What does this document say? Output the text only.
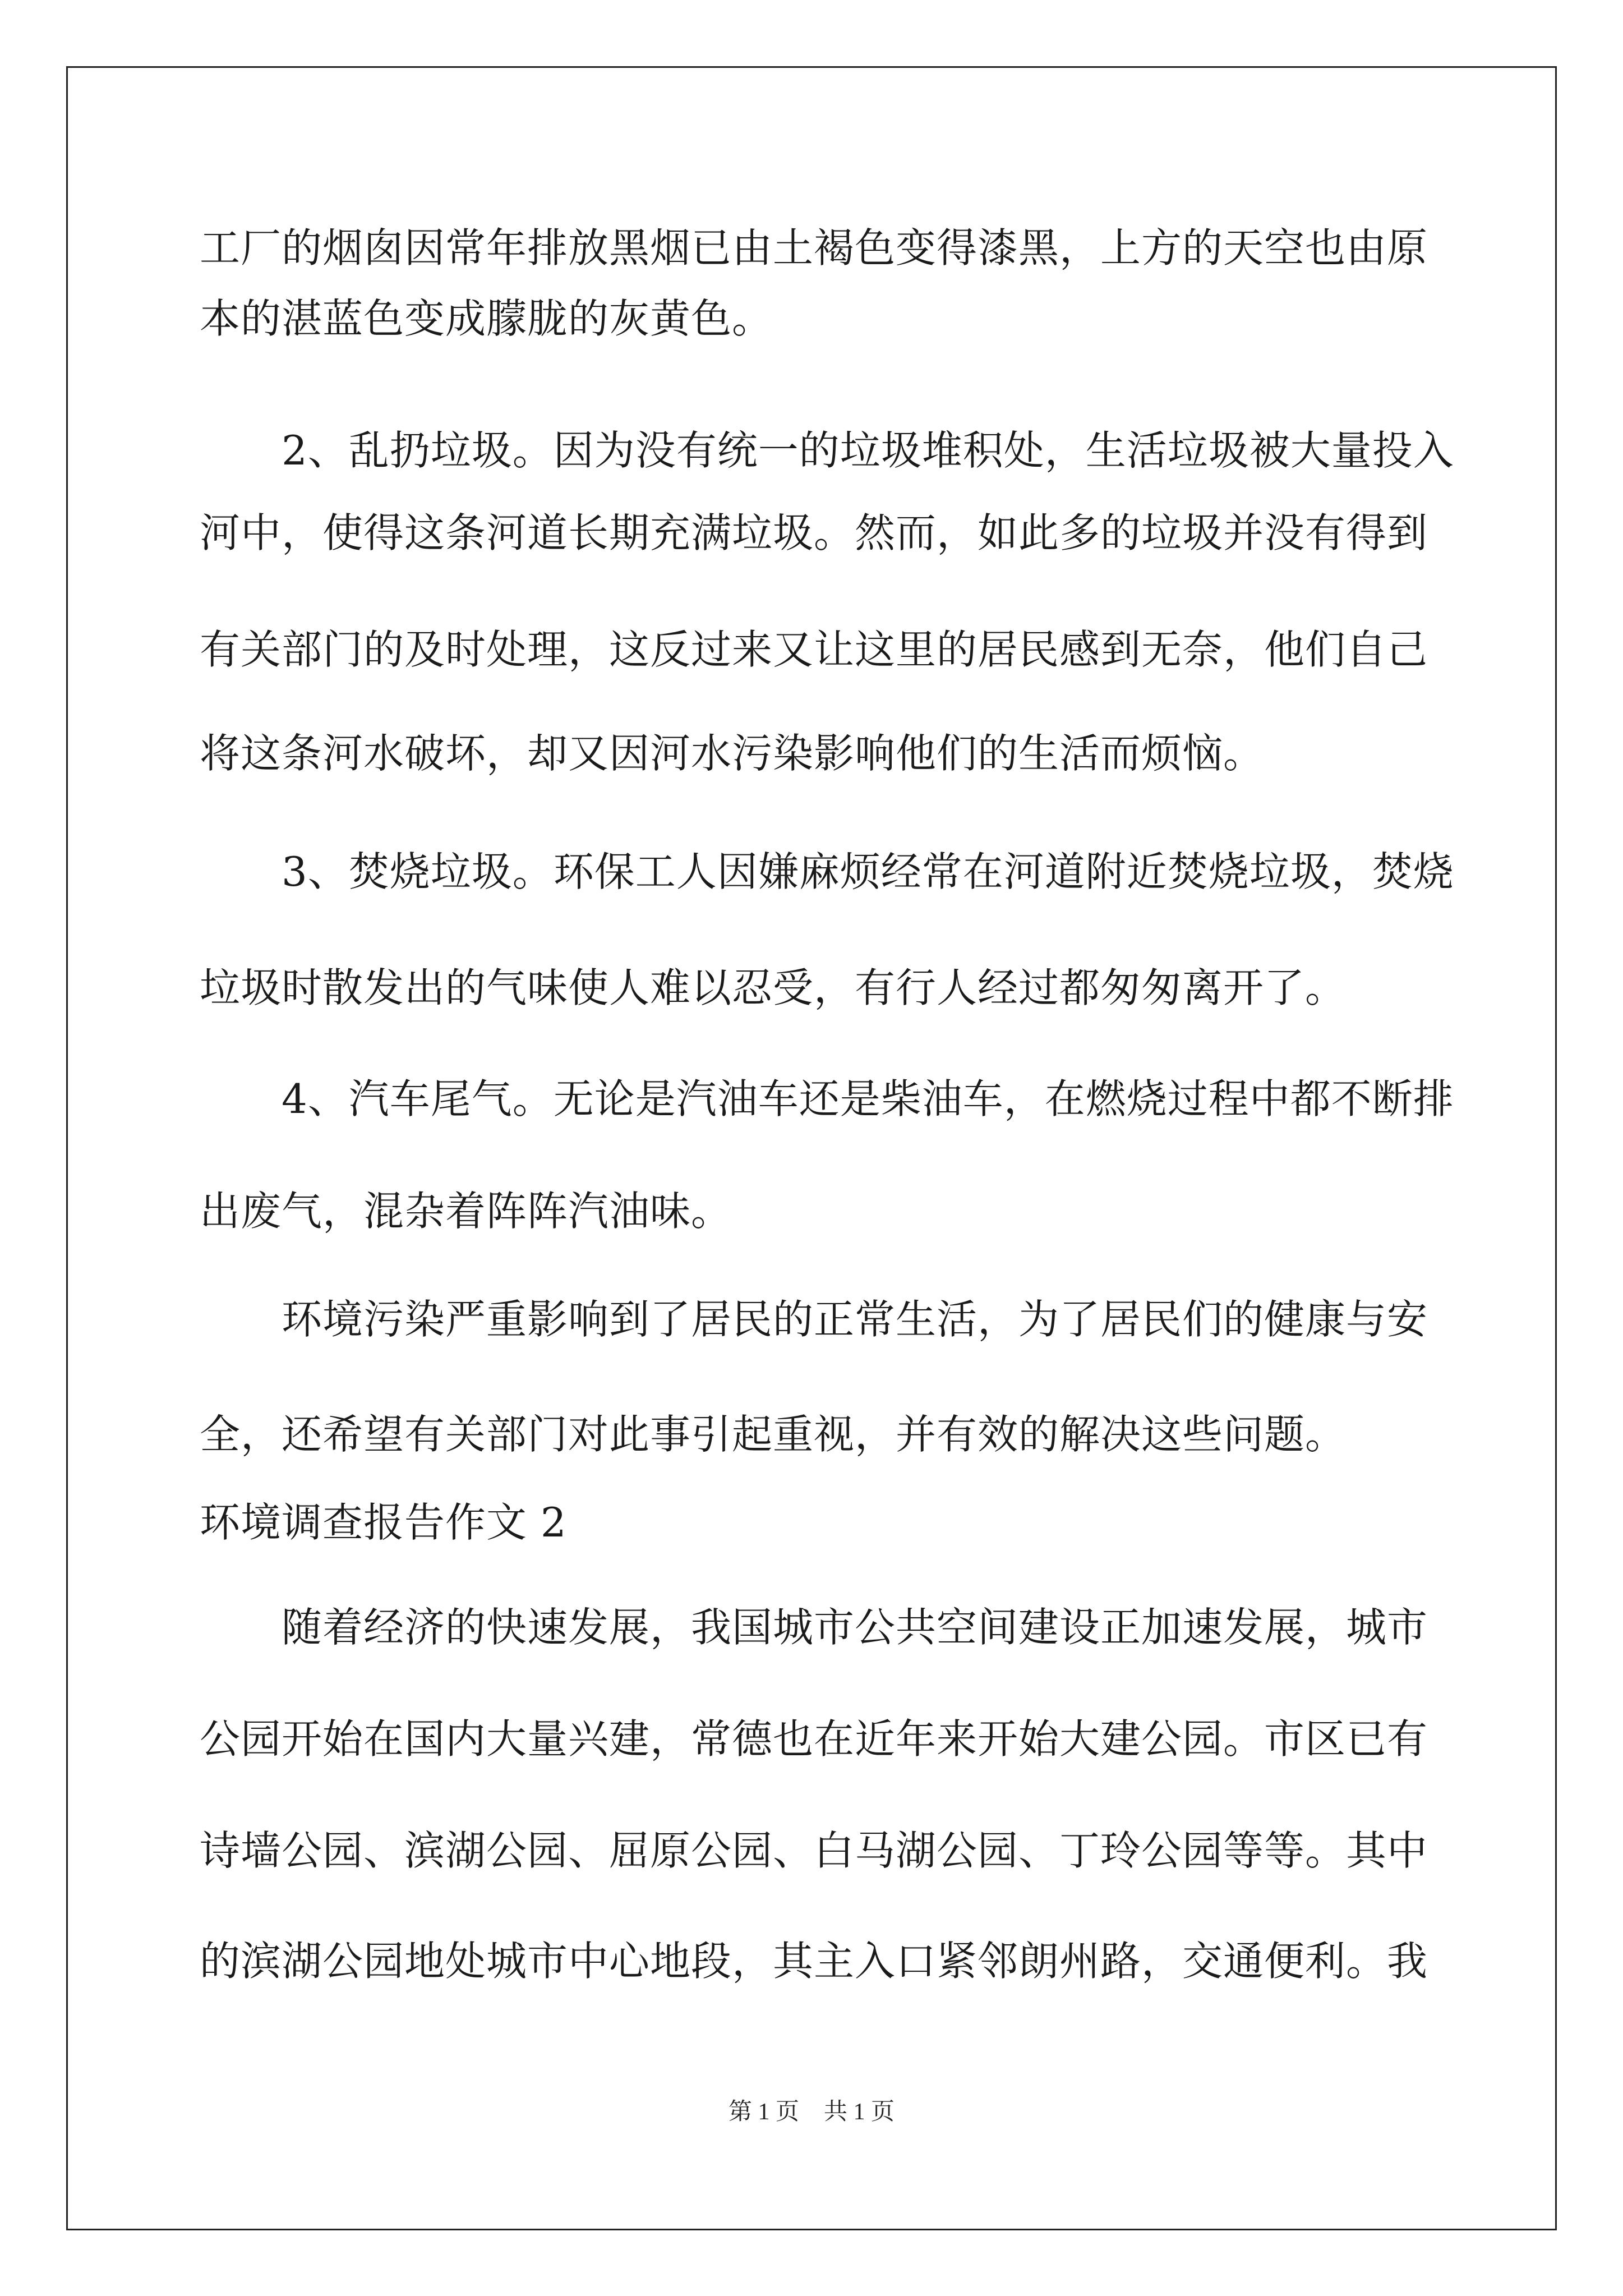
工厂的烟囱因常年排放黑烟已由土褐色变得漆黑，上方的天空也由原
本的湛蓝色变成朦胧的灰黄色。
　　2、乱扔垃圾。因为没有统一的垃圾堆积处，生活垃圾被大量投入
河中，使得这条河道长期充满垃圾。然而，如此多的垃圾并没有得到
有关部门的及时处理，这反过来又让这里的居民感到无奈，他们自己
将这条河水破坏，却又因河水污染影响他们的生活而烦恼。
　　3、焚烧垃圾。环保工人因嫌麻烦经常在河道附近焚烧垃圾，焚烧
垃圾时散发出的气味使人难以忍受，有行人经过都匆匆离开了。
　　4、汽车尾气。无论是汽油车还是柴油车，在燃烧过程中都不断排
出废气，混杂着阵阵汽油味。
　　环境污染严重影响到了居民的正常生活，为了居民们的健康与安
全，还希望有关部门对此事引起重视，并有效的解决这些问题。
环境调查报告作文 2
　　随着经济的快速发展，我国城市公共空间建设正加速发展，城市
公园开始在国内大量兴建，常德也在近年来开始大建公园。市区已有
诗墙公园、滨湖公园、屈原公园、白马湖公园、丁玲公园等等。其中
的滨湖公园地处城市中心地段，其主入口紧邻朗州路，交通便利。我
第 1 页 共 1 页
